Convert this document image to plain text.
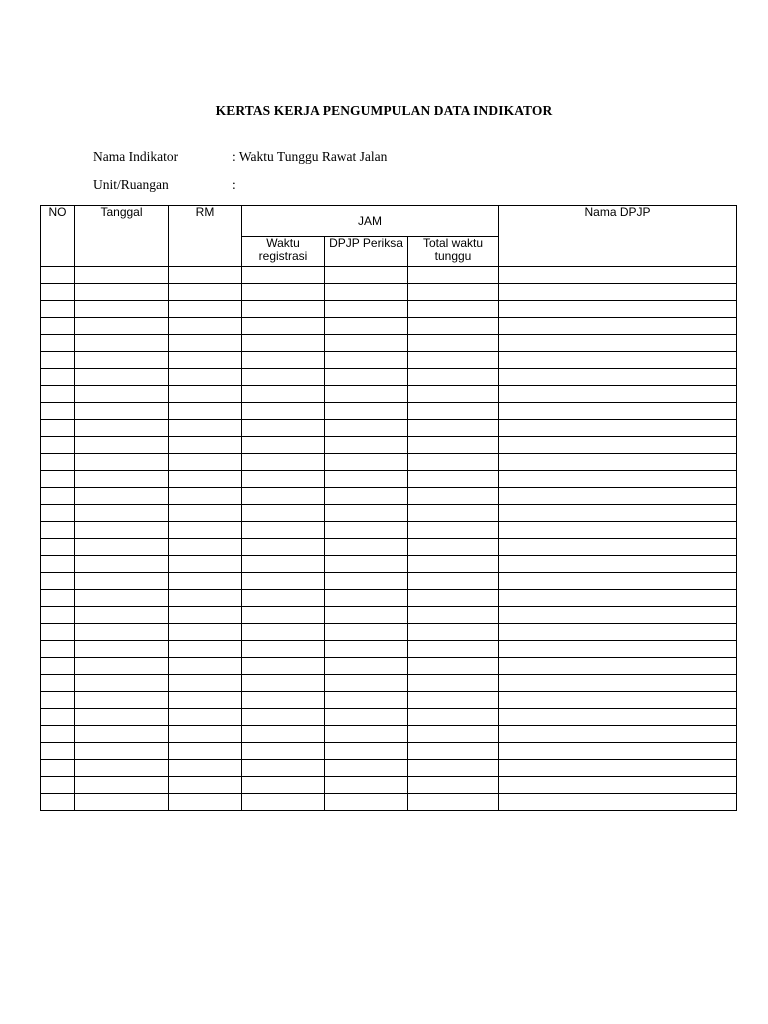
KERTAS KERJA PENGUMPULAN DATA INDIKATOR
Nama Indikator	: Waktu Tunggu Rawat Jalan
Unit/Ruangan	:
NO	Tanggal	RM	JAM			Nama DPJP
			Waktu registrasi	DPJP Periksa	Total waktu tunggu	
